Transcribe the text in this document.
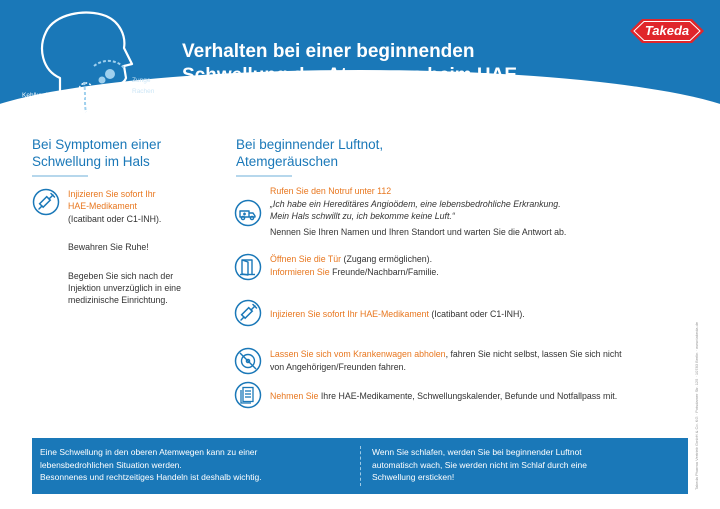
Kehlkopf
Luftröhre
Zunge
Rachen
Verhalten bei einer beginnenden
Schwellung der Atemwege beim HAE
Takeda
Bei Symptomen einer
Schwellung im Hals
Injizieren Sie sofort Ihr
HAE-Medikament
(Icatibant oder C1-INH).
Bewahren Sie Ruhe!
Begeben Sie sich nach der
Injektion unverzüglich in eine
medizinische Einrichtung.
Bei beginnender Luftnot,
Atemgeräuschen
Rufen Sie den Notruf unter 112
„Ich habe ein Hereditäres Angioödem, eine lebensbedrohliche Erkrankung.
Mein Hals schwillt zu, ich bekomme keine Luft.“
Nennen Sie Ihren Namen und Ihren Standort und warten Sie die Antwort ab.
Öffnen Sie die Tür (Zugang ermöglichen).
Informieren Sie Freunde/Nachbarn/Familie.
Injizieren Sie sofort Ihr HAE-Medikament (Icatibant oder C1-INH).
Lassen Sie sich vom Krankenwagen abholen, fahren Sie nicht selbst, lassen Sie sich nicht
von Angehörigen/Freunden fahren.
Nehmen Sie Ihre HAE-Medikamente, Schwellungskalender, Befunde und Notfallpass mit.	Takeda Pharma Vertrieb GmbH & Co. KG · Potsdamer Str. 125 · 10783 Berlin · www.takeda.de
Eine Schwellung in den oberen Atemwegen kann zu einer
lebensbedrohlichen Situation werden.
Besonnenes und rechtzeitiges Handeln ist deshalb wichtig.
Wenn Sie schlafen, werden Sie bei beginnender Luftnot
automatisch wach, Sie werden nicht im Schlaf durch eine
Schwellung ersticken!
